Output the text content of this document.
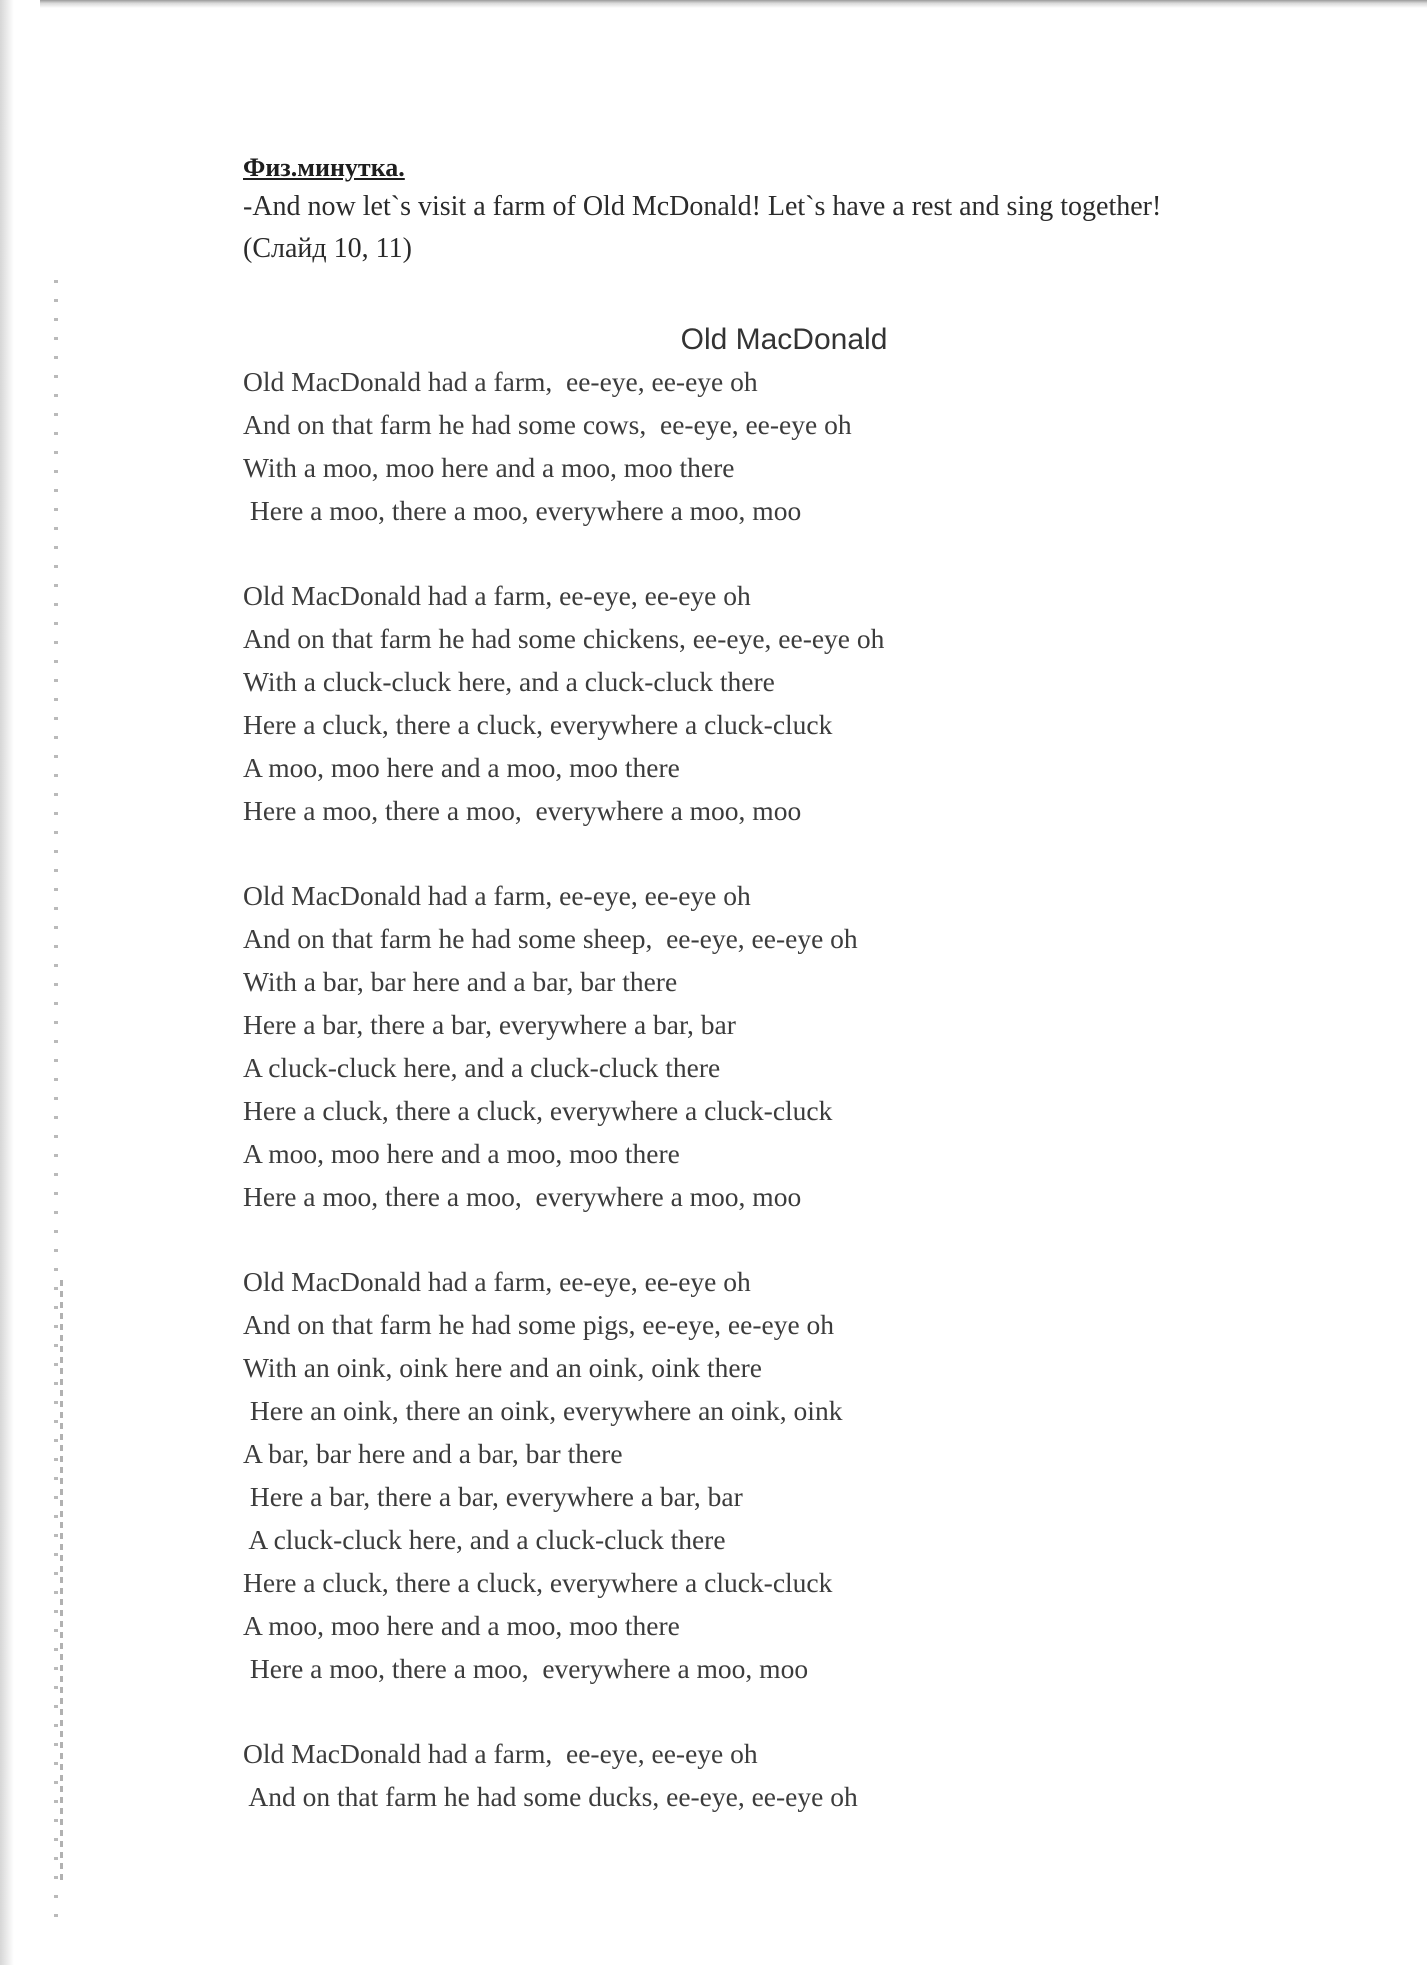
Физ.минутка.
-And now let`s visit a farm of Old McDonald! Let`s have a rest and sing together!
(Слайд 10, 11)
Old MacDonald
Old MacDonald had a farm,  ee-eye, ee-eye oh
And on that farm he had some cows,  ee-eye, ee-eye oh
With a moo, moo here and a moo, moo there
Here a moo, there a moo, everywhere a moo, moo
Old MacDonald had a farm, ee-eye, ee-eye oh
And on that farm he had some chickens, ee-eye, ee-eye oh
With a cluck-cluck here, and a cluck-cluck there
Here a cluck, there a cluck, everywhere a cluck-cluck
A moo, moo here and a moo, moo there
Here a moo, there a moo,  everywhere a moo, moo
Old MacDonald had a farm, ee-eye, ee-eye oh
And on that farm he had some sheep,  ee-eye, ee-eye oh
With a bar, bar here and a bar, bar there
Here a bar, there a bar, everywhere a bar, bar
A cluck-cluck here, and a cluck-cluck there
Here a cluck, there a cluck, everywhere a cluck-cluck
A moo, moo here and a moo, moo there
Here a moo, there a moo,  everywhere a moo, moo
Old MacDonald had a farm, ee-eye, ee-eye oh
And on that farm he had some pigs, ee-eye, ee-eye oh
With an oink, oink here and an oink, oink there
Here an oink, there an oink, everywhere an oink, oink
A bar, bar here and a bar, bar there
Here a bar, there a bar, everywhere a bar, bar
A cluck-cluck here, and a cluck-cluck there
Here a cluck, there a cluck, everywhere a cluck-cluck
A moo, moo here and a moo, moo there
Here a moo, there a moo,  everywhere a moo, moo
Old MacDonald had a farm,  ee-eye, ee-eye oh
And on that farm he had some ducks, ee-eye, ee-eye oh
